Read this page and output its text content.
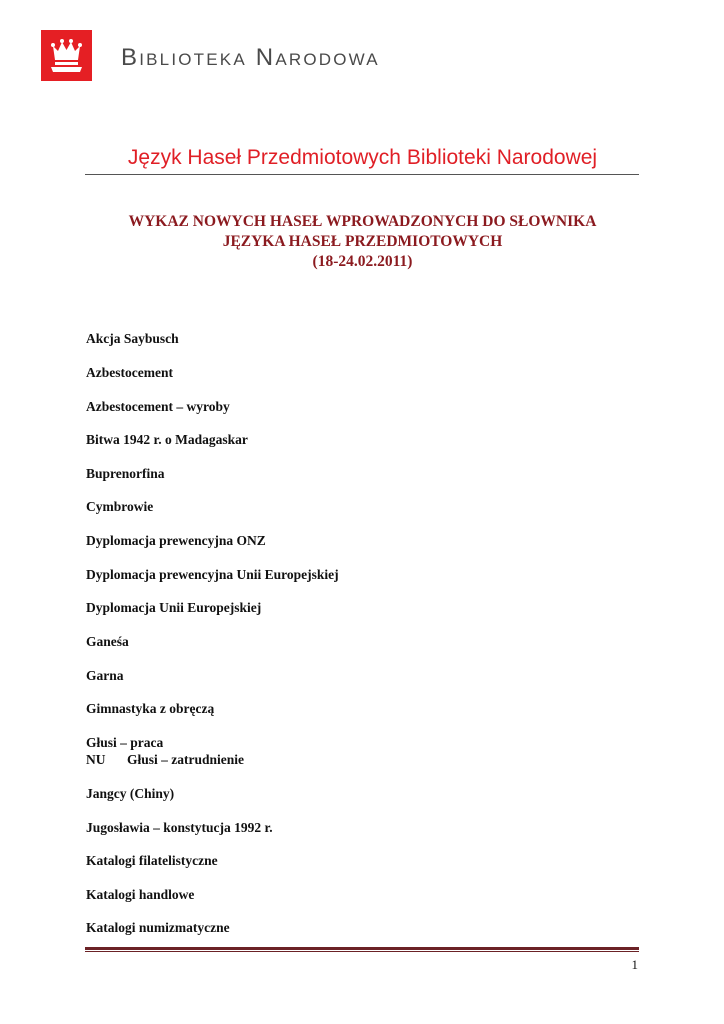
BIBLIOTEKA NARODOWA
Język Haseł Przedmiotowych Biblioteki Narodowej
WYKAZ NOWYCH HASEŁ WPROWADZONYCH DO SŁOWNIKA
JĘZYKA HASEŁ PRZEDMIOTOWYCH
(18-24.02.2011)
Akcja Saybusch
Azbestocement
Azbestocement – wyroby
Bitwa 1942 r. o Madagaskar
Buprenorfina
Cymbrowie
Dyplomacja prewencyjna ONZ
Dyplomacja prewencyjna Unii Europejskiej
Dyplomacja Unii Europejskiej
Ganeśa
Garna
Gimnastyka z obręczą
Głusi – praca
NU Głusi – zatrudnienie
Jangcy (Chiny)
Jugosławia – konstytucja 1992 r.
Katalogi filatelistyczne
Katalogi handlowe
Katalogi numizmatyczne
1
